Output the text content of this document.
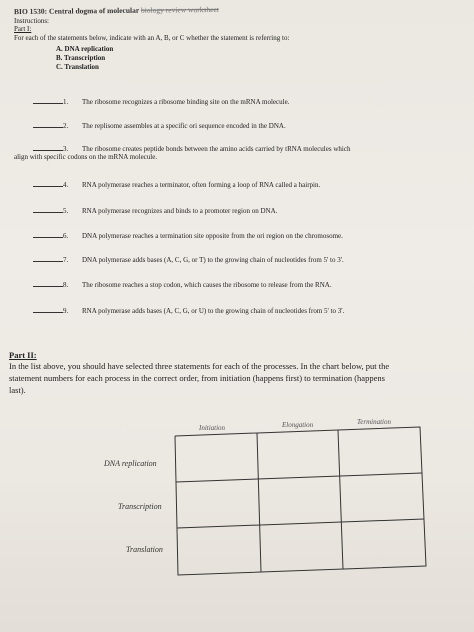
BIO 1530: Central dogma of molecular biology review worksheet
Instructions:
Part I:
For each of the statements below, indicate with an A, B, or C whether the statement is referring to:
A. DNA replication
B. Transcription
C. Translation
1. The ribosome recognizes a ribosome binding site on the mRNA molecule.
2. The replisome assembles at a specific ori sequence encoded in the DNA.
3. The ribosome creates peptide bonds between the amino acids carried by tRNA molecules which
align with specific codons on the mRNA molecule.
4. RNA polymerase reaches a terminator, often forming a loop of RNA called a hairpin.
5. RNA polymerase recognizes and binds to a promoter region on DNA.
6. DNA polymerase reaches a termination site opposite from the ori region on the chromosome.
7. DNA polymerase adds bases (A, C, G, or T) to the growing chain of nucleotides from 5' to 3'.
8. The ribosome reaches a stop codon, which causes the ribosome to release from the RNA.
9. RNA polymerase adds bases (A, C, G, or U) to the growing chain of nucleotides from 5' to 3'.
Part II:
In the list above, you should have selected three statements for each of the processes. In the chart below, put the
statement numbers for each process in the correct order, from initiation (happens first) to termination (happens
last).
Initiation	Elongation	Termination
DNA replication
Transcription
Translation
